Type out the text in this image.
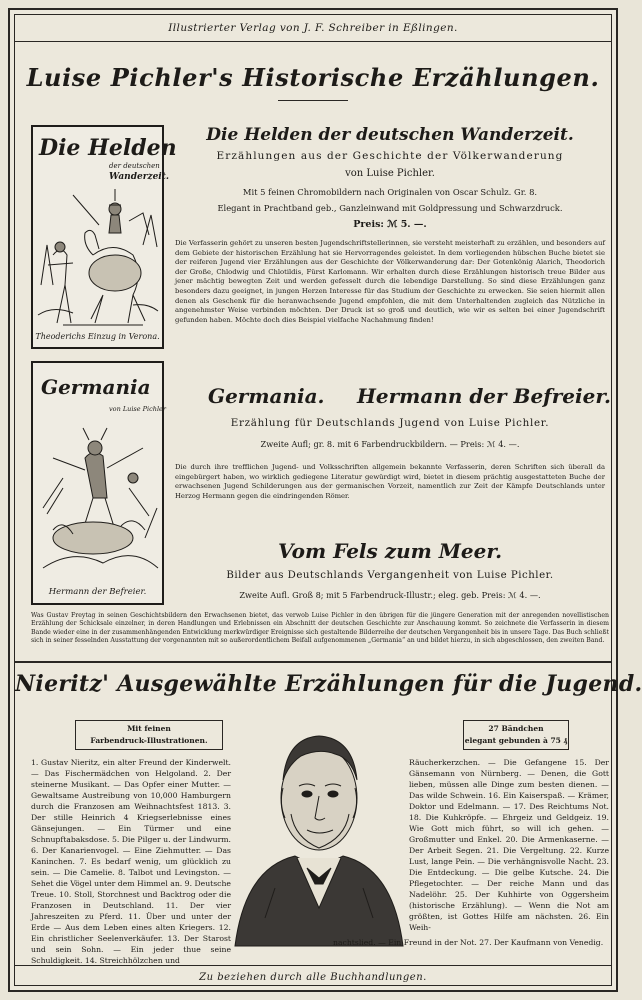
Illustrierter Verlag von J. F. Schreiber in Eßlingen.
Luise Pichler's Historische Erzählungen.
Die Helden
der deutschen
Wanderzeit.
Theoderichs Einzug in Verona.
Die Helden der deutschen Wanderzeit.
Erzählungen aus der Geschichte der Völkerwanderung
von Luise Pichler.
Mit 5 feinen Chromobildern nach Originalen von Oscar Schulz. Gr. 8.
Elegant in Prachtband geb., Ganzleinwand mit Goldpressung und Schwarzdruck.
Preis: ℳ 5. —.
Die Verfasserin gehört zu unseren besten Jugendschriftstellerinnen, sie versteht meisterhaft zu erzählen, und besonders auf dem Gebiete der historischen Erzählung hat sie Hervorragendes geleistet. In dem vorliegenden hübschen Buche bietet sie der reiferen Jugend vier Erzählungen aus der Geschichte der Völkerwanderung dar: Der Gotenkönig Alarich, Theodorich der Große, Chlodwig und Chlotildis, Fürst Karlomann. Wir erhalten durch diese Erzählungen historisch treue Bilder aus jener mächtig bewegten Zeit und werden gefesselt durch die lebendige Darstellung. So sind diese Erzählungen ganz besonders dazu geeignet, in jungen Herzen Interesse für das Studium der Geschichte zu erwecken. Sie seien hiermit allen denen als Geschenk für die heranwachsende Jugend empfohlen, die mit dem Unterhaltenden zugleich das Nützliche in angenehmster Weise verbinden möchten. Der Druck ist so groß und deutlich, wie wir es selten bei einer Jugendschrift gefunden haben. Möchte doch dies Beispiel vielfache Nachahmung finden!
Germania
von Luise Pichler
Hermann der Befreier.
Germania. Hermann der Befreier.
Erzählung für Deutschlands Jugend von Luise Pichler.
Zweite Aufl; gr. 8. mit 6 Farbendruckbildern. — Preis: ℳ 4. —.
Die durch ihre trefflichen Jugend- und Volksschriften allgemein bekannte Verfasserin, deren Schriften sich überall da eingebürgert haben, wo wirklich gediegene Literatur gewürdigt wird, bietet in diesem prächtig ausgestatteten Buche der erwachsenen Jugend Schilderungen aus der germanischen Vorzeit, namentlich zur Zeit der Kämpfe Deutschlands unter Herzog Hermann gegen die eindringenden Römer.
Vom Fels zum Meer.
Bilder aus Deutschlands Vergangenheit von Luise Pichler.
Zweite Aufl. Groß 8; mit 5 Farbendruck-Illustr.; eleg. geb. Preis: ℳ 4. —.
Was Gustav Freytag in seinen Geschichtsbildern den Erwachsenen bietet, das verwob Luise Pichler in den übrigen für die jüngere Generation mit der anregenden novellistischen Erzählung der Schicksale einzelner, in deren Handlungen und Erlebnissen ein Abschnitt der deutschen Geschichte zur Anschauung kommt. So zeichnete die Verfasserin in diesem Bande wieder eine in der zusammenhängenden Entwicklung merkwürdiger Ereignisse sich gestaltende Bilderreihe der deutschen Vergangenheit bis in unsere Tage. Das Buch schließt sich in seiner fesselnden Ausstattung der vorgenannten mit so außerordentlichem Beifall aufgenommenen „Germania“ an und bildet hierzu, in sich abgeschlossen, den zweiten Band.
Nieritz' Ausgewählte Erzählungen für die Jugend.
Mit feinen
Farbendruck-Illustrationen.
27 Bändchen
elegant gebunden à 75 ₰
1. Gustav Nieritz, ein alter Freund der Kinderwelt. — Das Fischermädchen von Helgoland. 2. Der steinerne Musikant. — Das Opfer einer Mutter. — Gewaltsame Austreibung von 10,000 Hamburgern durch die Franzosen am Weihnachtsfest 1813. 3. Der stille Heinrich 4 Kriegserlebnisse eines Gänsejungen. — Ein Türmer und eine Schnupftabaksdose. 5. Die Pilger u. der Lindwurm. 6. Der Kanarienvogel. — Eine Ziehmutter. — Das Kaninchen. 7. Es bedarf wenig, um glücklich zu sein. — Die Camelie. 8. Talbot und Levingston. — Sehet die Vögel unter dem Himmel an. 9. Deutsche Treue. 10. Stoll, Storchnest und Backtrog oder die Franzosen in Deutschland. 11. Der vier Jahreszeiten zu Pferd. 11. Über und unter der Erde — Aus dem Leben eines alten Kriegers. 12. Ein christlicher Seelenverkäufer. 13. Der Starost und sein Sohn. — Ein jeder thue seine Schuldigkeit. 14. Streichhölzchen und
Räucherkerzchen. — Die Gefangene 15. Der Gänsemann von Nürnberg. — Denen, die Gott lieben, müssen alle Dinge zum besten dienen. — Das wilde Schwein. 16. Ein Kaiserspaß. — Krämer, Doktor und Edelmann. — 17. Des Reichtums Not. 18. Die Kuhkröpfe. — Ehrgeiz und Geldgeiz. 19. Wie Gott mich führt, so will ich gehen. — Großmutter und Enkel. 20. Die Armenkaserne. — Der Arbeit Segen. 21. Die Vergeltung. 22. Kurze Lust, lange Pein. — Die verhängnisvolle Nacht. 23. Die Entdeckung. — Die gelbe Kutsche. 24. Die Pflegetochter. — Der reiche Mann und das Nadelöhr. 25. Der Kuhhirte von Oggersheim (historische Erzählung). — Wenn die Not am größten, ist Gottes Hilfe am nächsten. 26. Ein Weih-
nachtslied. — Ein Freund in der Not. 27. Der Kaufmann von Venedig.
Zu beziehen durch alle Buchhandlungen.
